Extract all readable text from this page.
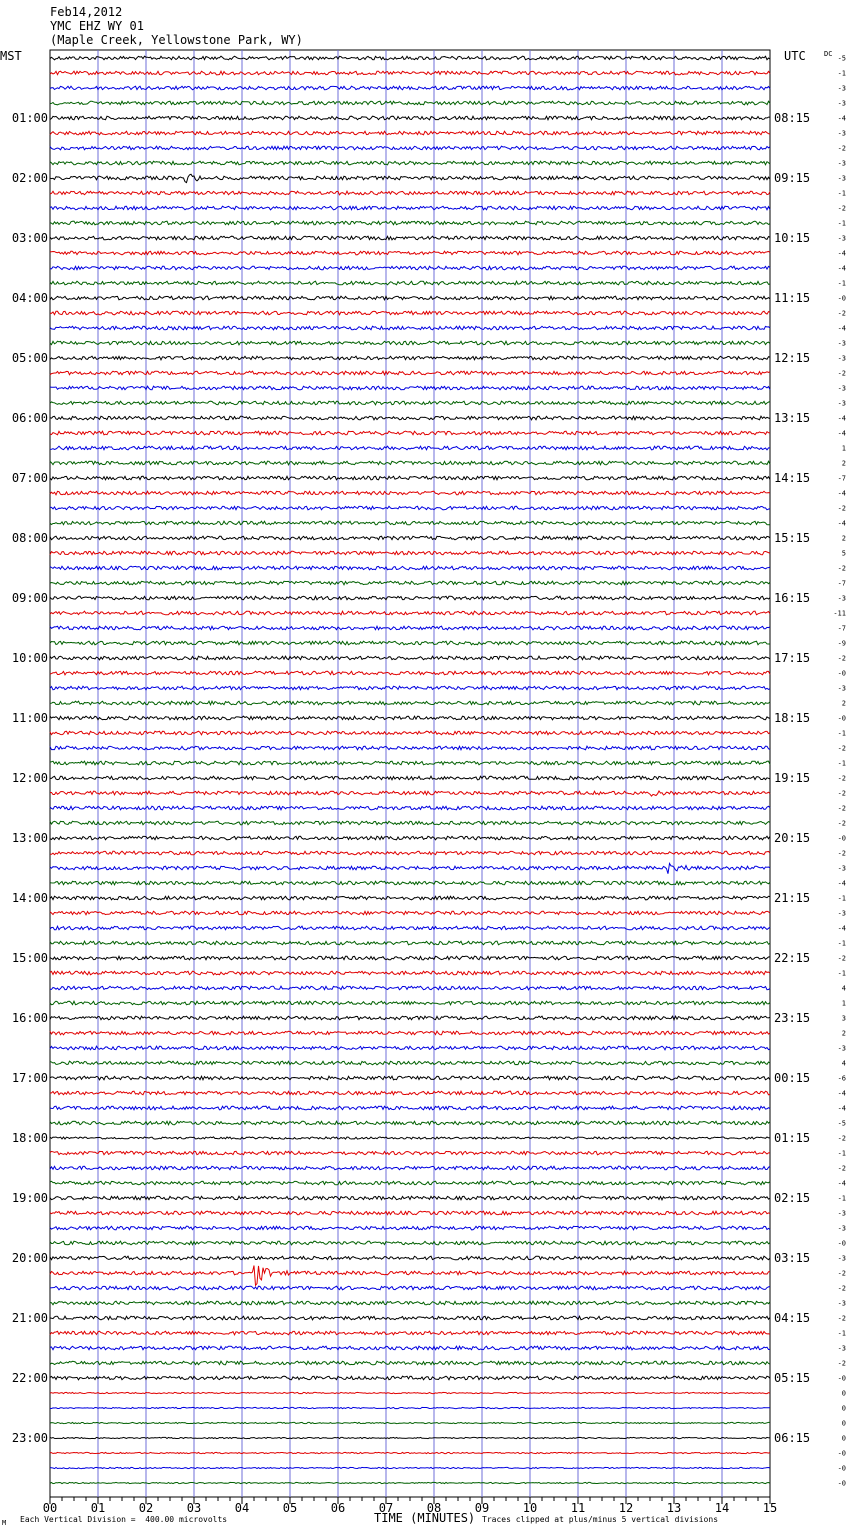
Feb14,2012
YMC EHZ WY 01
(Maple Creek, Yellowstone Park, WY)
MST	UTC
01:00
02:00
03:00
04:00
05:00
06:00
07:00
08:00
09:00
10:00
11:00
12:00
13:00
14:00
15:00
16:00
17:00
18:00
19:00
20:00
21:00
22:00
23:00
08:15
09:15
10:15
11:15
12:15
13:15
14:15
15:15
16:15
17:15
18:15
19:15
20:15
21:15
22:15
23:15
00:15
01:15
02:15
03:15
04:15
05:15
06:15
DC
-5
-1
-3
-3
-4
-3
-2
-3
-3
-1
-2
-1
-3
-4
-4
-1
-0
-2
-4
-3
-3
-2
-3
-3
-4
-4
1
2
-7
-4
-2
-4
2
5
-2
-7
-3
-11
-7
-9
-2
-0
-3
2
-0
-1
-2
-1
-2
-2
-2
-2
-0
-2
-3
-4
-1
-3
-4
-1
-2
-1
4
1
3
2
-3
4
-6
-4
-4
-5
-2
-1
-2
-4
-1
-3
-3
-0
-3
-2
-2
-3
-2
-1
-3
-2
-0
0
0
0
0
-0
-0
-0
00	01	02	03	04	05	06	07	08	09	10	11	12	13	14	15
M Each Vertical Division =  400.00 microvolts	TIME (MINUTES) Traces clipped at plus/minus 5 vertical divisions
